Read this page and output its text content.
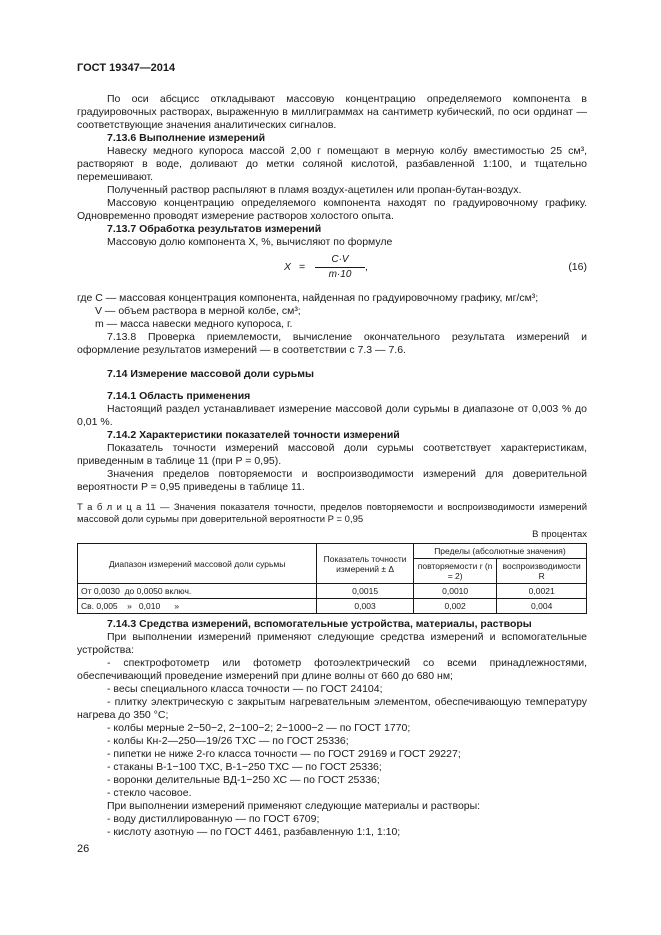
ГОСТ 19347—2014

По оси абсцисс откладывают массовую концентрацию определяемого компонента в градуировочных растворах, выраженную в миллиграммах на сантиметр кубический, по оси ординат — соответствующие значения аналитических сигналов.

7.13.6 Выполнение измерений

Навеску медного купороса массой 2,00 г помещают в мерную колбу вместимостью 25 см³, растворяют в воде, доливают до метки соляной кислотой, разбавленной 1:100, и тщательно перемешивают.

Полученный раствор распыляют в пламя воздух-ацетилен или пропан-бутан-воздух.

Массовую концентрацию определяемого компонента находят по градуировочному графику. Одновременно проводят измерение растворов холостого опыта.

7.13.7 Обработка результатов измерений

Массовую долю компонента X, %, вычисляют по формуле

$X = \frac{C\cdot V}{m\cdot 10}$ ,	(16)

где C — массовая концентрация компонента, найденная по градуировочному графику, мг/см³;

V — объем раствора в мерной колбе, см³;

m — масса навески медного купороса, г.

7.13.8 Проверка приемлемости, вычисление окончательного результата измерений и оформление результатов измерений — в соответствии с 7.3 — 7.6.

7.14 Измерение массовой доли сурьмы

7.14.1 Область применения

Настоящий раздел устанавливает измерение массовой доли сурьмы в диапазоне от 0,003 % до 0,01 %.

7.14.2 Характеристики показателей точности измерений

Показатель точности измерений массовой доли сурьмы соответствует характеристикам, приведенным в таблице 11 (при P = 0,95).

Значения пределов повторяемости и воспроизводимости измерений для доверительной вероятности P = 0,95 приведены в таблице 11.

Т а б л и ц а 11 — Значения показателя точности, пределов повторяемости и воспроизводимости измерений массовой доли сурьмы при доверительной вероятности P = 0,95

В процентах
Диапазон измерений массовой доли сурьмы	Показатель точности измерений ± Δ	Пределы (абсолютные значения)	
		повторяемости r (n = 2)	воспроизводимости R
От 0,0030  до 0,0050 включ.	0,0015	0,0010	0,0021
Св. 0,005    »   0,010      »	0,003	0,002	0,004

7.14.3 Средства измерений, вспомогательные устройства, материалы, растворы

При выполнении измерений применяют следующие средства измерений и вспомогательные устройства:

- спектрофотометр или фотометр фотоэлектрический со всеми принадлежностями, обеспечивающий проведение измерений при длине волны от 660 до 680 нм;

- весы специального класса точности — по ГОСТ 24104;

- плитку электрическую с закрытым нагревательным элементом, обеспечивающую температуру нагрева до 350 °С;

- колбы мерные 2−50−2, 2−100−2; 2−1000−2 — по ГОСТ 1770;

- колбы Кн-2—250—19/26 ТХС — по ГОСТ 25336;

- пипетки не ниже 2-го класса точности — по ГОСТ 29169 и ГОСТ 29227;

- стаканы В-1−100 ТХС, В-1−250 ТХС — по ГОСТ 25336;

- воронки делительные ВД-1−250 ХС — по ГОСТ 25336;

- стекло часовое.

При выполнении измерений применяют следующие материалы и растворы:

- воду дистиллированную — по ГОСТ 6709;

- кислоту азотную — по ГОСТ 4461, разбавленную 1:1, 1:10;

26
